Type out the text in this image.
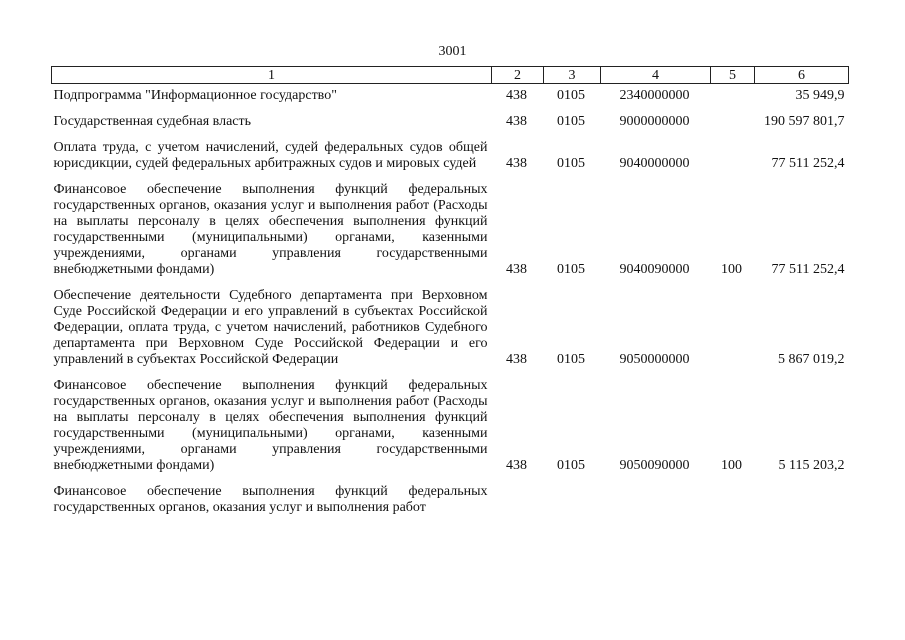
3001
1	2	3	4	5	6
Подпрограмма "Информационное государство"	438	0105	2340000000		35 949,9
Государственная судебная власть	438	0105	9000000000		190 597 801,7
Оплата труда, с учетом начислений, судей федеральных судов общей юрисдикции, судей федеральных арбитражных судов и мировых судей	438	0105	9040000000		77 511 252,4
Финансовое обеспечение выполнения функций федеральных государственных органов, оказания услуг и выполнения работ (Расходы на выплаты персоналу в целях обеспечения выполнения функций государственными (муниципальными) органами, казенными учреждениями, органами управления государственными внебюджетными фондами)	438	0105	9040090000	100	77 511 252,4
Обеспечение деятельности Судебного департамента при Верховном Суде Российской Федерации и его управлений в субъектах Российской Федерации, оплата труда, с учетом начислений, работников Судебного департамента при Верховном Суде Российской Федерации и его управлений в субъектах Российской Федерации	438	0105	9050000000		5 867 019,2
Финансовое обеспечение выполнения функций федеральных государственных органов, оказания услуг и выполнения работ (Расходы на выплаты персоналу в целях обеспечения выполнения функций государственными (муниципальными) органами, казенными учреждениями, органами управления государственными внебюджетными фондами)	438	0105	9050090000	100	5 115 203,2
Финансовое обеспечение выполнения функций федеральных государственных органов, оказания услуг и выполнения работ					
